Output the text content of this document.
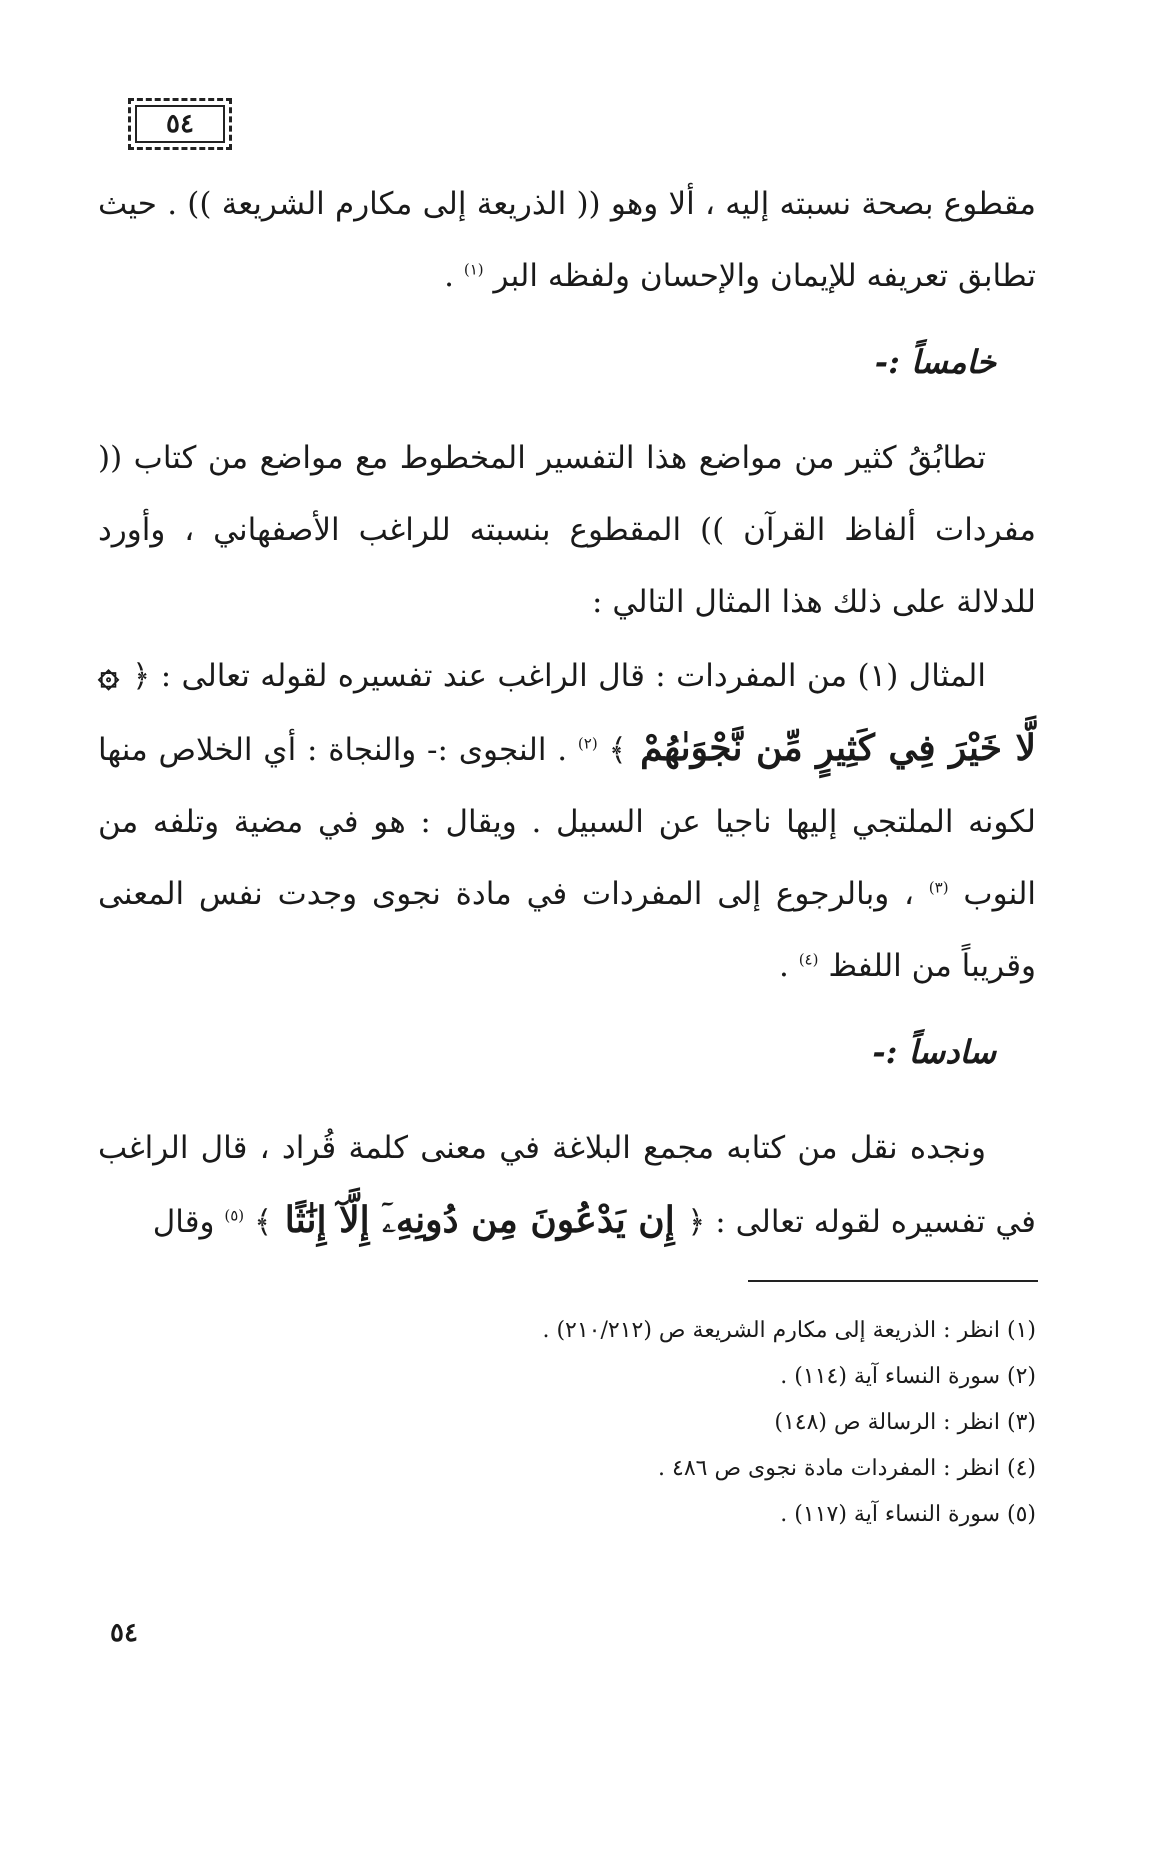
٥٤

مقطوع بصحة نسبته إليه ، ألا وهو (( الذريعة إلى مكارم الشريعة )) . حيث تطابق تعريفه للإيمان والإحسان ولفظه البر $^{(١)}$ .

خامساً :-

تطابُقُ كثير من مواضع هذا التفسير المخطوط مع مواضع من كتاب (( مفردات ألفاظ القرآن )) المقطوع بنسبته للراغب الأصفهاني ، وأورد للدلالة على ذلك هذا المثال التالي :

المثال (١) من المفردات : قال الراغب عند تفسيره لقوله تعالى : ﴿ ۞ لَّا خَيْرَ فِي كَثِيرٍ مِّن نَّجْوَىٰهُمْ ﴾ $^{(٢)}$ . النجوى :- والنجاة : أي الخلاص منها لكونه الملتجي إليها ناجيا عن السبيل . ويقال : هو في مضية وتلفه من النوب $^{(٣)}$ ، وبالرجوع إلى المفردات في مادة نجوى وجدت نفس المعنى وقريباً من اللفظ $^{(٤)}$ .

سادساً :-

ونجده نقل من كتابه مجمع البلاغة في معنى كلمة قُراد ، قال الراغب في تفسيره لقوله تعالى : ﴿ إِن يَدْعُونَ مِن دُونِهِۦٓ إِلَّآ إِنَٰثًا ﴾ $^{(٥)}$ وقال

(١) انظر : الذريعة إلى مكارم الشريعة ص (٢١٠/٢١٢) .
(٢) سورة النساء آية (١١٤) .
(٣) انظر : الرسالة ص (١٤٨)
(٤) انظر : المفردات مادة نجوى ص ٤٨٦ .
(٥) سورة النساء آية (١١٧) .
٥٤
